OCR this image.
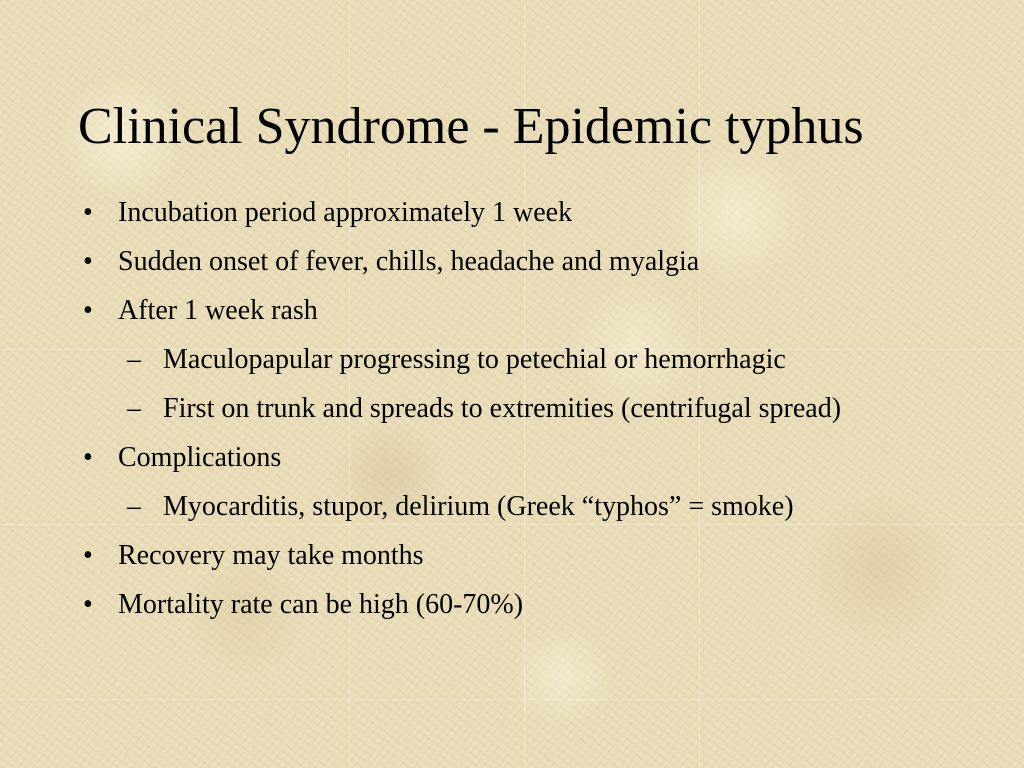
Clinical Syndrome - Epidemic typhus
• Incubation period approximately 1 week
• Sudden onset of fever, chills, headache and myalgia
• After 1 week rash
– Maculopapular progressing to petechial or hemorrhagic
– First on trunk and spreads to extremities (centrifugal spread)
• Complications
– Myocarditis, stupor, delirium (Greek “typhos” = smoke)
• Recovery may take months
• Mortality rate can be high (60-70%)
